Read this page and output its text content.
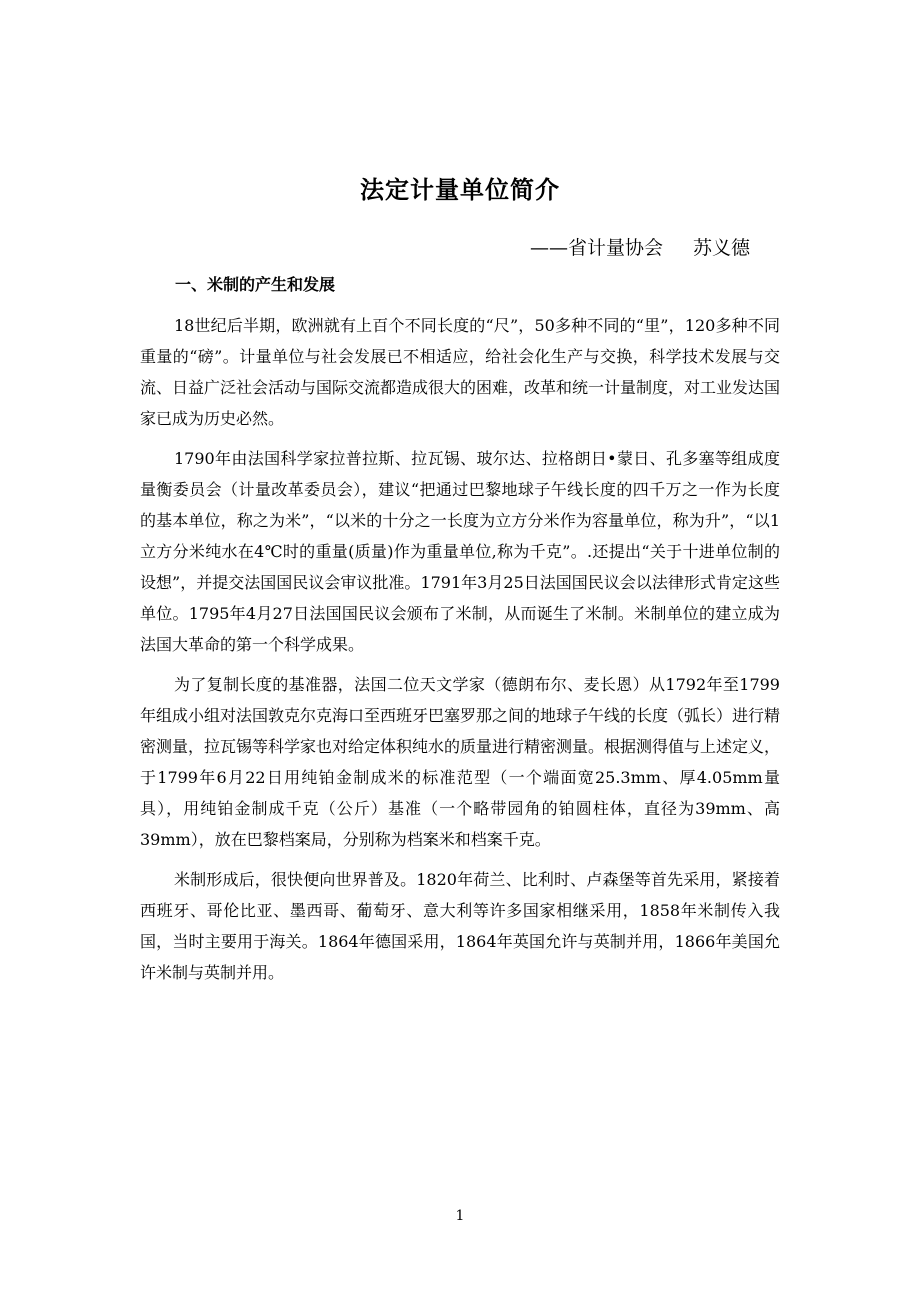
法定计量单位简介
——省计量协会 苏义德
一、米制的产生和发展

18世纪后半期，欧洲就有上百个不同长度的“尺”，50多种不同的“里”，120多种不同重量的“磅”。计量单位与社会发展已不相适应，给社会化生产与交换，科学技术发展与交流、日益广泛社会活动与国际交流都造成很大的困难，改革和统一计量制度，对工业发达国家已成为历史必然。

1790年由法国科学家拉普拉斯、拉瓦锡、玻尔达、拉格朗日•蒙日、孔多塞等组成度量衡委员会（计量改革委员会），建议“把通过巴黎地球子午线长度的四千万之一作为长度的基本单位，称之为米”，“以米的十分之一长度为立方分米作为容量单位，称为升”，“以1立方分米纯水在4℃时的重量(质量)作为重量单位,称为千克”。.还提出“关于十进单位制的设想”，并提交法国国民议会审议批准。1791年3月25日法国国民议会以法律形式肯定这些单位。1795年4月27日法国国民议会颁布了米制，从而诞生了米制。米制单位的建立成为法国大革命的第一个科学成果。

为了复制长度的基准器，法国二位天文学家（德朗布尔、麦长恩）从1792年至1799年组成小组对法国敦克尔克海口至西班牙巴塞罗那之间的地球子午线的长度（弧长）进行精密测量，拉瓦锡等科学家也对给定体积纯水的质量进行精密测量。根据测得值与上述定义，于1799年6月22日用纯铂金制成米的标准范型（一个端面宽25.3mm、厚4.05mm量具），用纯铂金制成千克（公斤）基准（一个略带园角的铂圆柱体，直径为39mm、高39mm），放在巴黎档案局，分别称为档案米和档案千克。

米制形成后，很快便向世界普及。1820年荷兰、比利时、卢森堡等首先采用，紧接着西班牙、哥伦比亚、墨西哥、葡萄牙、意大利等许多国家相继采用，1858年米制传入我国，当时主要用于海关。1864年德国采用，1864年英国允许与英制并用，1866年美国允许米制与英制并用。

1
